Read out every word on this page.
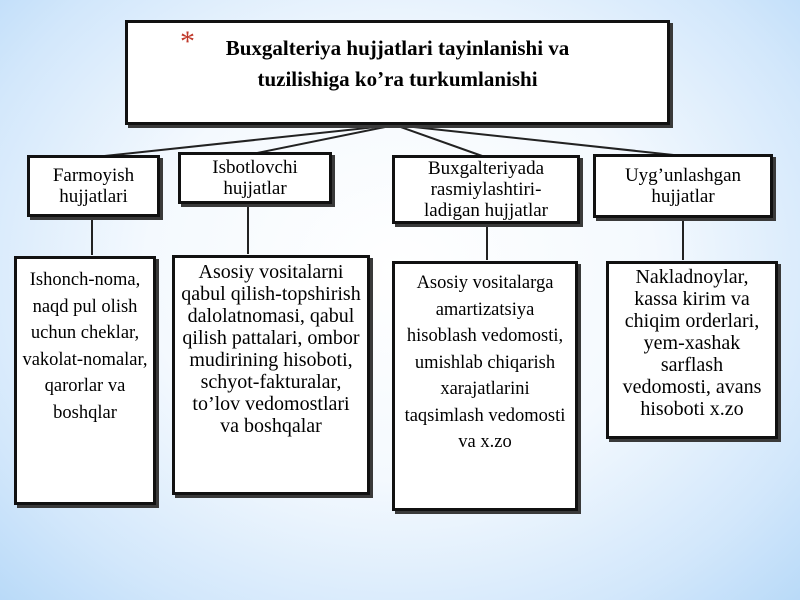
*	Buxgalteriya hujjatlari tayinlanishi va
tuzilishiga ko’ra turkumlanishi
Farmoyish hujjatlari
Isbotlovchi hujjatlar
Buxgalteriyada rasmiylashtiri-ladigan hujjatlar
Uyg’unlashgan hujjatlar
Ishonch-noma, naqd pul olish uchun cheklar, vakolat-nomalar, qarorlar va boshqlar
Asosiy vositalarni qabul qilish-topshirish dalolatnomasi, qabul qilish pattalari, ombor mudirining hisoboti, schyot-fakturalar, to’lov vedomostlari va boshqalar
Asosiy vositalarga amartizatsiya hisoblash vedomosti, umishlab chiqarish xarajatlarini taqsimlash vedomosti va x.zo
Nakladnoylar, kassa kirim va chiqim orderlari, yem-xashak sarflash vedomosti, avans hisoboti x.zo
